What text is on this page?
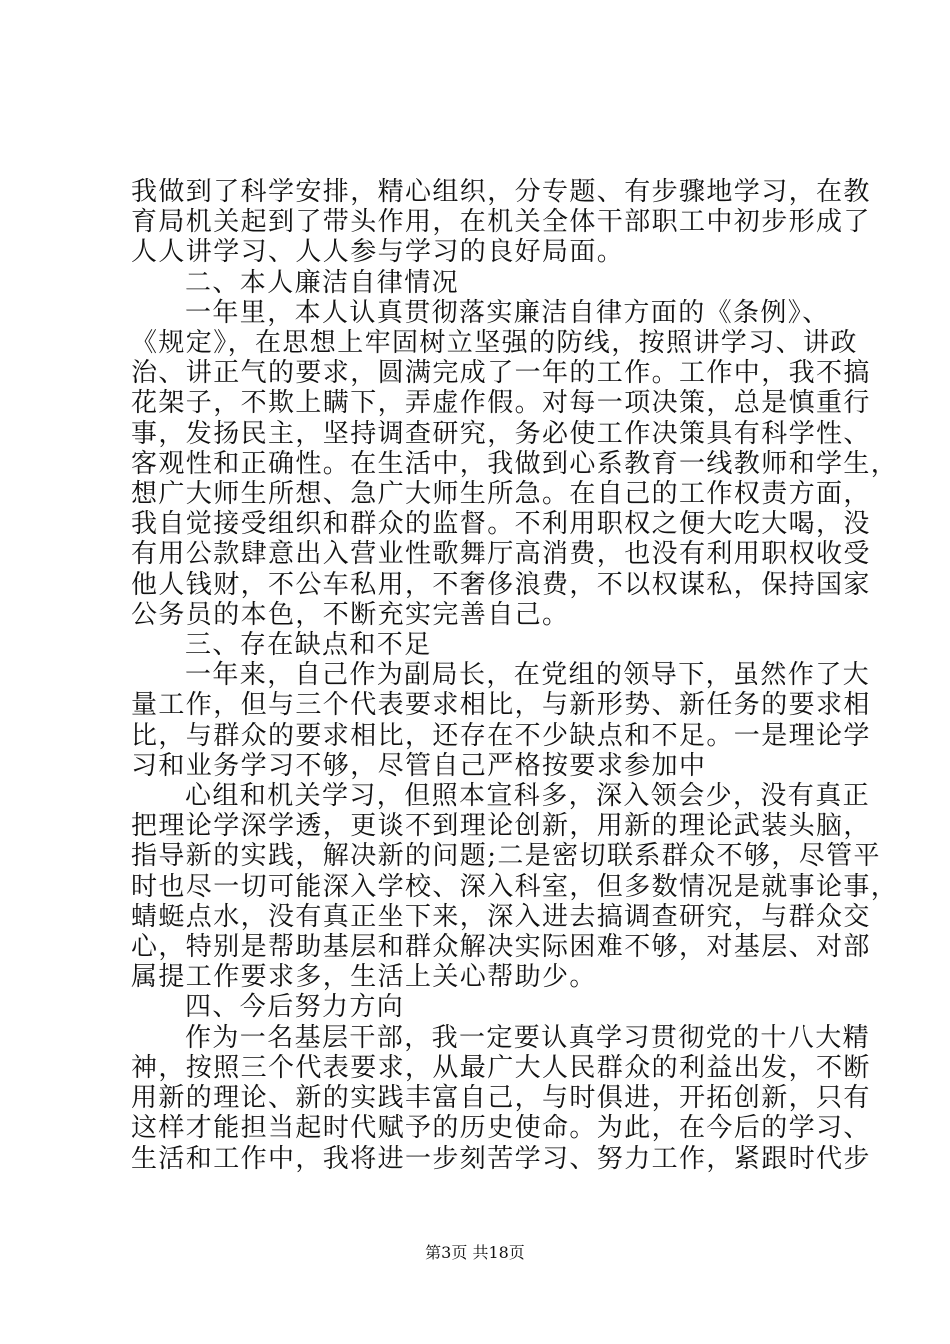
我做到了科学安排，精心组织，分专题、有步骤地学习，在教
育局机关起到了带头作用，在机关全体干部职工中初步形成了
人人讲学习、人人参与学习的良好局面。
二、本人廉洁自律情况
一年里，本人认真贯彻落实廉洁自律方面的《条例》、
《规定》，在思想上牢固树立坚强的防线，按照讲学习、讲政
治、讲正气的要求，圆满完成了一年的工作。工作中，我不搞
花架子，不欺上瞒下，弄虚作假。对每一项决策，总是慎重行
事，发扬民主，坚持调查研究，务必使工作决策具有科学性、
客观性和正确性。在生活中，我做到心系教育一线教师和学生，
想广大师生所想、急广大师生所急。在自己的工作权责方面，
我自觉接受组织和群众的监督。不利用职权之便大吃大喝，没
有用公款肆意出入营业性歌舞厅高消费，也没有利用职权收受
他人钱财，不公车私用，不奢侈浪费，不以权谋私，保持国家
公务员的本色，不断充实完善自己。
三、存在缺点和不足
一年来，自己作为副局长，在党组的领导下，虽然作了大
量工作，但与三个代表要求相比，与新形势、新任务的要求相
比，与群众的要求相比，还存在不少缺点和不足。一是理论学
习和业务学习不够，尽管自己严格按要求参加中
心组和机关学习，但照本宣科多，深入领会少，没有真正
把理论学深学透，更谈不到理论创新，用新的理论武装头脑，
指导新的实践，解决新的问题;二是密切联系群众不够，尽管平
时也尽一切可能深入学校、深入科室，但多数情况是就事论事，
蜻蜓点水，没有真正坐下来，深入进去搞调查研究，与群众交
心，特别是帮助基层和群众解决实际困难不够，对基层、对部
属提工作要求多，生活上关心帮助少。
四、今后努力方向
作为一名基层干部，我一定要认真学习贯彻党的十八大精
神，按照三个代表要求，从最广大人民群众的利益出发，不断
用新的理论、新的实践丰富自己，与时俱进，开拓创新，只有
这样才能担当起时代赋予的历史使命。为此，在今后的学习、
生活和工作中，我将进一步刻苦学习、努力工作，紧跟时代步
第3页 共18页
